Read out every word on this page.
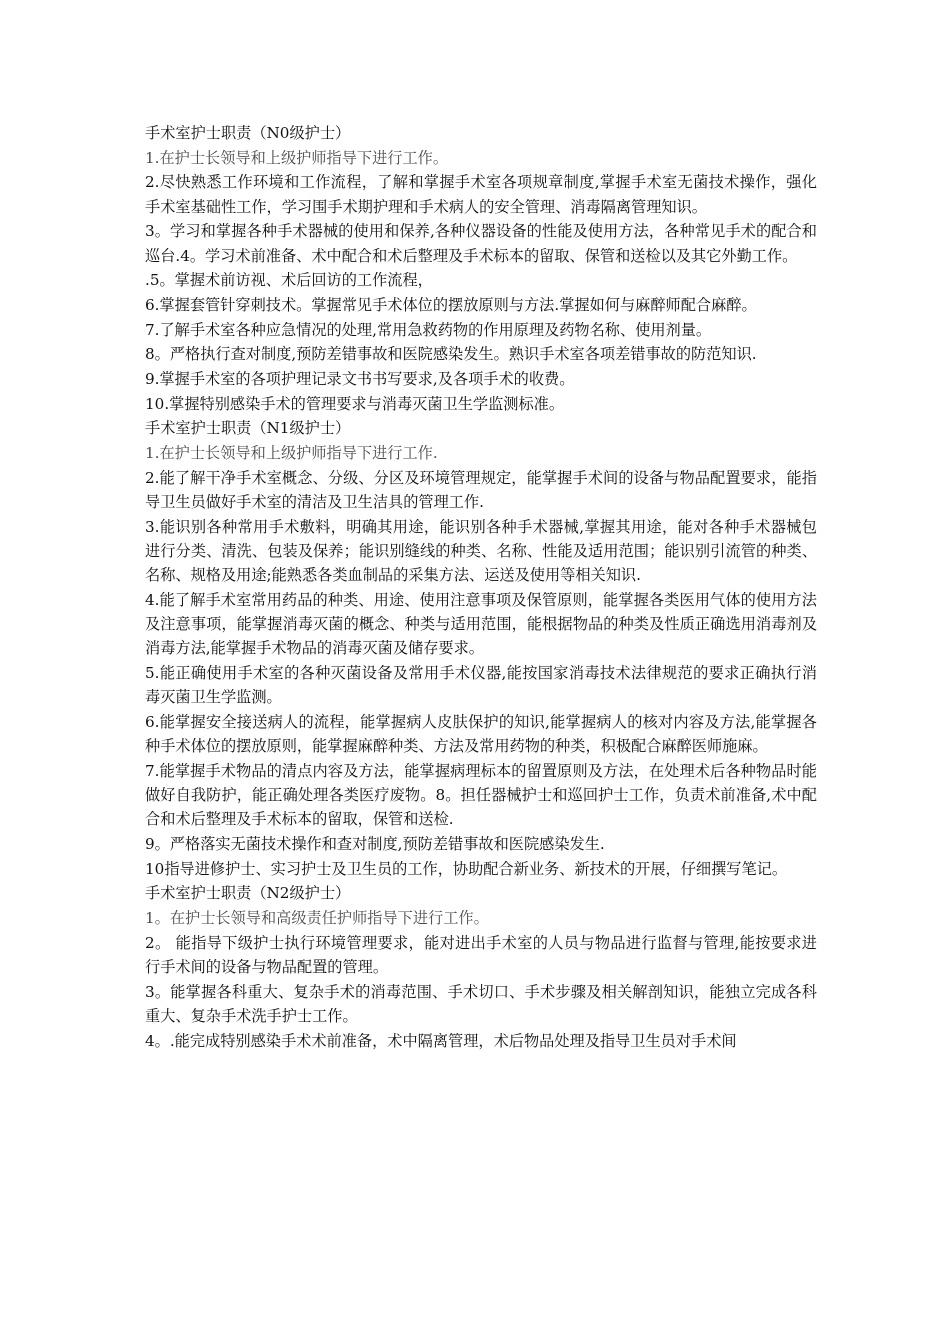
手术室护士职责（N0级护士）

1.在护士长领导和上级护师指导下进行工作。

2.尽快熟悉工作环境和工作流程，了解和掌握手术室各项规章制度,掌握手术室无菌技术操作，强化手术室基础性工作，学习围手术期护理和手术病人的安全管理、消毒隔离管理知识。

3。学习和掌握各种手术器械的使用和保养,各种仪器设备的性能及使用方法，各种常见手术的配合和巡台.4。学习术前准备、术中配合和术后整理及手术标本的留取、保管和送检以及其它外勤工作。

.5。掌握术前访视、术后回访的工作流程，

6.掌握套管针穿刺技术。掌握常见手术体位的摆放原则与方法.掌握如何与麻醉师配合麻醉。

7.了解手术室各种应急情况的处理,常用急救药物的作用原理及药物名称、使用剂量。

8。严格执行查对制度,预防差错事故和医院感染发生。熟识手术室各项差错事故的防范知识.

9.掌握手术室的各项护理记录文书书写要求,及各项手术的收费。

10.掌握特别感染手术的管理要求与消毒灭菌卫生学监测标准。

手术室护士职责（N1级护士）

1.在护士长领导和上级护师指导下进行工作.

2.能了解干净手术室概念、分级、分区及环境管理规定，能掌握手术间的设备与物品配置要求，能指导卫生员做好手术室的清洁及卫生洁具的管理工作.

3.能识别各种常用手术敷料，明确其用途，能识别各种手术器械,掌握其用途，能对各种手术器械包进行分类、清洗、包装及保养；能识别缝线的种类、名称、性能及适用范围；能识别引流管的种类、名称、规格及用途;能熟悉各类血制品的采集方法、运送及使用等相关知识.

4.能了解手术室常用药品的种类、用途、使用注意事项及保管原则，能掌握各类医用气体的使用方法及注意事项，能掌握消毒灭菌的概念、种类与适用范围，能根据物品的种类及性质正确选用消毒剂及消毒方法,能掌握手术物品的消毒灭菌及储存要求。

5.能正确使用手术室的各种灭菌设备及常用手术仪器,能按国家消毒技术法律规范的要求正确执行消毒灭菌卫生学监测。

6.能掌握安全接送病人的流程，能掌握病人皮肤保护的知识,能掌握病人的核对内容及方法,能掌握各种手术体位的摆放原则，能掌握麻醉种类、方法及常用药物的种类，积极配合麻醉医师施麻。

7.能掌握手术物品的清点内容及方法，能掌握病理标本的留置原则及方法，在处理术后各种物品时能做好自我防护，能正确处理各类医疗废物。8。担任器械护士和巡回护士工作，负责术前准备,术中配合和术后整理及手术标本的留取，保管和送检.

9。严格落实无菌技术操作和查对制度,预防差错事故和医院感染发生.

10指导进修护士、实习护士及卫生员的工作，协助配合新业务、新技术的开展，仔细撰写笔记。

手术室护士职责（N2级护士）

1。在护士长领导和高级责任护师指导下进行工作。

2。 能指导下级护士执行环境管理要求，能对进出手术室的人员与物品进行监督与管理,能按要求进行手术间的设备与物品配置的管理。

3。能掌握各科重大、复杂手术的消毒范围、手术切口、手术步骤及相关解剖知识，能独立完成各科重大、复杂手术洗手护士工作。

4。.能完成特别感染手术术前准备，术中隔离管理，术后物品处理及指导卫生员对手术间
